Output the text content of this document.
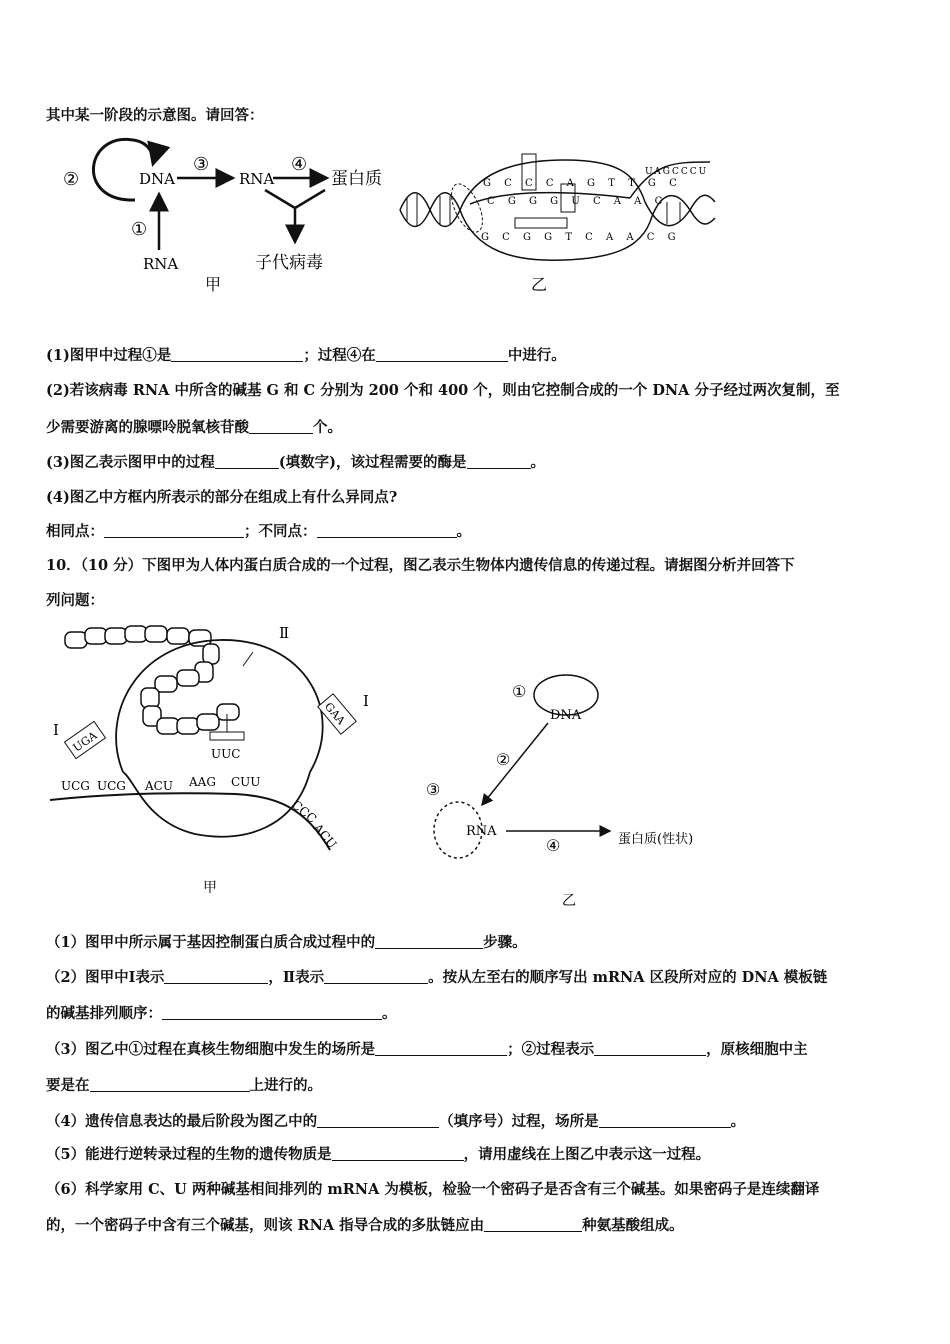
其中某一阶段的示意图。请回答：
②	DNA
③
RNA
④
蛋白质
①
RNA	子代病毒
甲
G C C C A G T T G C
C G G G U C A A C
G C G G T C A A C G
UAGCCCU
乙
(1)图甲中过程①是	；过程④在	中进行。
(2)若该病毒 RNA 中所含的碱基 G 和 C 分别为 200 个和 400 个，则由它控制合成的一个 DNA 分子经过两次复制，至
少需要游离的腺嘌呤脱氧核苷酸	个。
(3)图乙表示图甲中的过程	(填数字)，该过程需要的酶是	。
(4)图乙中方框内所表示的部分在组成上有什么异同点?
相同点：	；不同点：	。
10．（10 分）下图甲为人体内蛋白质合成的一个过程，图乙表示生物体内遗传信息的传递过程。请据图分析并回答下
列问题：
Ⅱ
UUC
UGA
Ⅰ
GAA Ⅰ
UCG UCG ACU AAG CUU
CCC
ACU
甲
①
DNA
②
③
RNA
④	蛋白质(性状)
乙
（1）图甲中所示属于基因控制蛋白质合成过程中的	步骤。
（2）图甲中Ⅰ表示	，Ⅱ表示	。按从左至右的顺序写出 mRNA 区段所对应的 DNA 模板链
的碱基排列顺序：	。
（3）图乙中①过程在真核生物细胞中发生的场所是	；②过程表示	，原核细胞中主
要是在	上进行的。
（4）遗传信息表达的最后阶段为图乙中的	（填序号）过程，场所是	。
（5）能进行逆转录过程的生物的遗传物质是	，请用虚线在上图乙中表示这一过程。
（6）科学家用 C、U 两种碱基相间排列的 mRNA 为模板，检验一个密码子是否含有三个碱基。如果密码子是连续翻译
的，一个密码子中含有三个碱基，则该 RNA 指导合成的多肽链应由	种氨基酸组成。
